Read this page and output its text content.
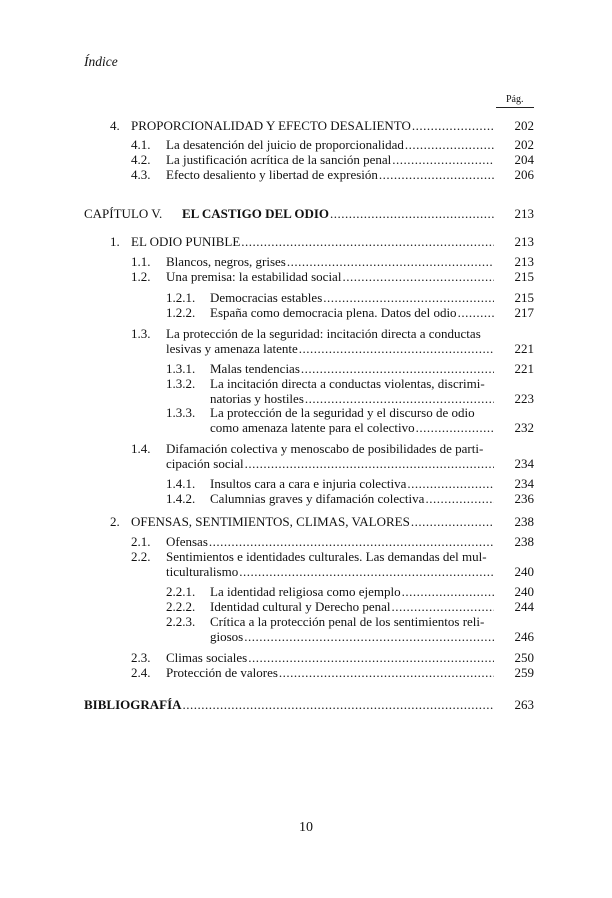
Índice
Pág.
4. PROPORCIONALIDAD Y EFECTO DESALIENTO .....	202
4.1. La desatención del juicio de proporcionalidad .....	202
4.2. La justificación acrítica de la sanción penal .....	204
4.3. Efecto desaliento y libertad de expresión .....	206
CAPÍTULO V. EL CASTIGO DEL ODIO .....	213
1. EL ODIO PUNIBLE .....	213
1.1. Blancos, negros, grises .....	213
1.2. Una premisa: la estabilidad social .....	215
1.2.1. Democracias estables .....	215
1.2.2. España como democracia plena. Datos del odio .....	217
1.3. La protección de la seguridad: incitación directa a conductas
lesivas y amenaza latente .....	221
1.3.1. Malas tendencias .....	221
1.3.2. La incitación directa a conductas violentas, discrimi-
natorias y hostiles .....	223
1.3.3. La protección de la seguridad y el discurso de odio
como amenaza latente para el colectivo .....	232
1.4. Difamación colectiva y menoscabo de posibilidades de parti-
cipación social .....	234
1.4.1. Insultos cara a cara e injuria colectiva .....	234
1.4.2. Calumnias graves y difamación colectiva .....	236
2. OFENSAS, SENTIMIENTOS, CLIMAS, VALORES .....	238
2.1. Ofensas .....	238
2.2. Sentimientos e identidades culturales. Las demandas del mul-
ticulturalismo .....	240
2.2.1. La identidad religiosa como ejemplo .....	240
2.2.2. Identidad cultural y Derecho penal .....	244
2.2.3. Crítica a la protección penal de los sentimientos reli-
giosos .....	246
2.3. Climas sociales .....	250
2.4. Protección de valores .....	259
BIBLIOGRAFÍA .....	263
10
